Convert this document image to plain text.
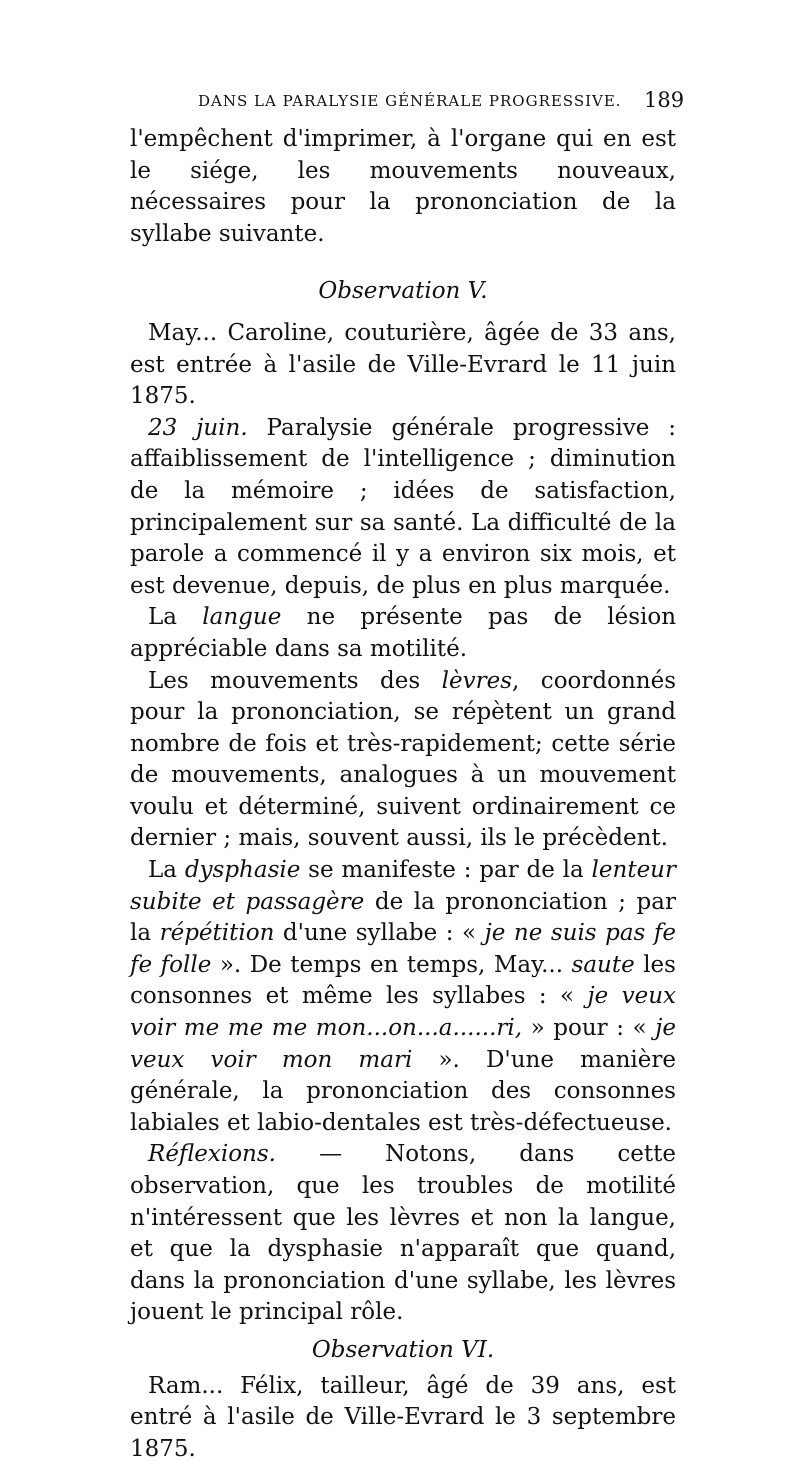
DANS LA PARALYSIE GÉNÉRALE PROGRESSIVE. 189

l'empêchent d'imprimer, à l'organe qui en est le siége, les mouvements nouveaux, nécessaires pour la prononciation de la syllabe suivante.

Observation V.

May... Caroline, couturière, âgée de 33 ans, est entrée à l'asile de Ville-Evrard le 11 juin 1875.

23 juin. Paralysie générale progressive : affaiblissement de l'intelligence ; diminution de la mémoire ; idées de satisfaction, principalement sur sa santé. La difficulté de la parole a commencé il y a environ six mois, et est devenue, depuis, de plus en plus marquée.

La langue ne présente pas de lésion appréciable dans sa motilité.

Les mouvements des lèvres, coordonnés pour la prononciation, se répètent un grand nombre de fois et très-rapidement; cette série de mouvements, analogues à un mouvement voulu et déterminé, suivent ordinairement ce dernier ; mais, souvent aussi, ils le précèdent.

La dysphasie se manifeste : par de la lenteur subite et passagère de la prononciation ; par la répétition d'une syllabe : « je ne suis pas fe fe folle ». De temps en temps, May... saute les consonnes et même les syllabes : « je veux voir me me me mon...on...a......ri, » pour : « je veux voir mon mari ». D'une manière générale, la prononciation des consonnes labiales et labio-dentales est très-défectueuse.

Réflexions. — Notons, dans cette observation, que les troubles de motilité n'intéressent que les lèvres et non la langue, et que la dysphasie n'apparaît que quand, dans la prononciation d'une syllabe, les lèvres jouent le principal rôle.

Observation VI.

Ram... Félix, tailleur, âgé de 39 ans, est entré à l'asile de Ville-Evrard le 3 septembre 1875.
